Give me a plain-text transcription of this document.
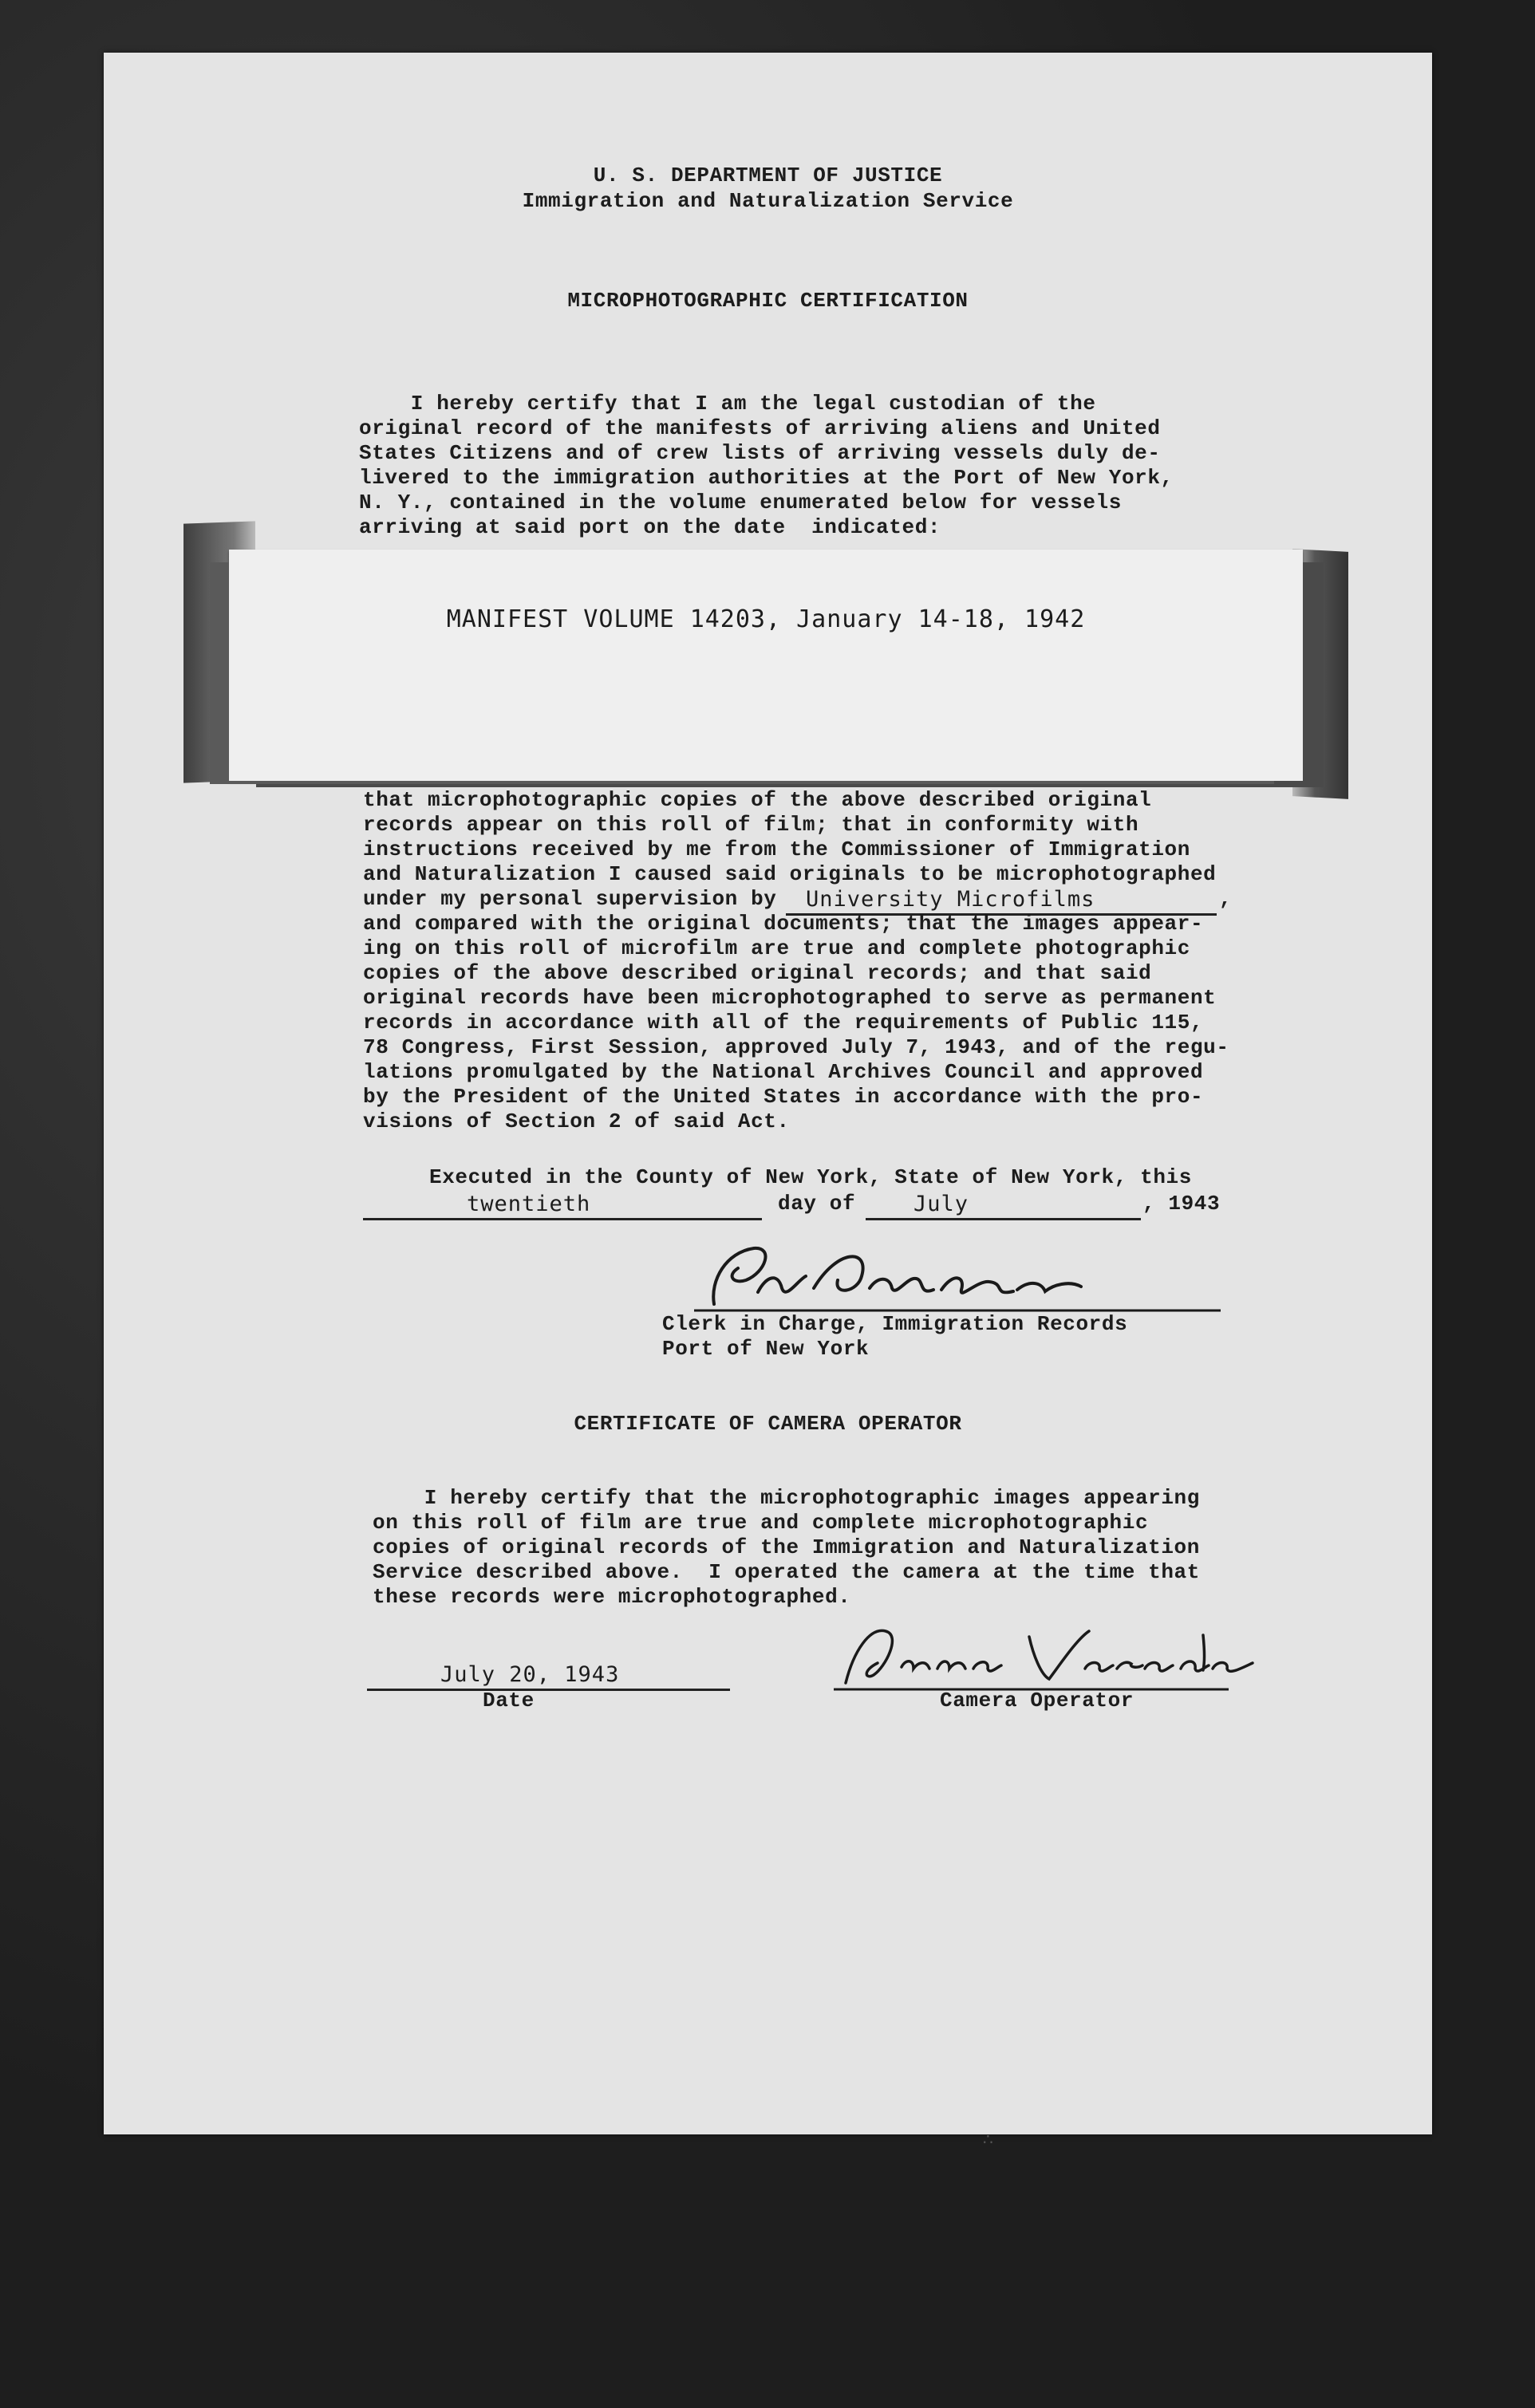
U. S. DEPARTMENT OF JUSTICE
Immigration and Naturalization Service
MICROPHOTOGRAPHIC CERTIFICATION
I hereby certify that I am the legal custodian of the
original record of the manifests of arriving aliens and United
States Citizens and of crew lists of arriving vessels duly de-
livered to the immigration authorities at the Port of New York,
N. Y., contained in the volume enumerated below for vessels
arriving at said port on the date  indicated:
MANIFEST VOLUME 14203, January 14-18, 1942
that microphotographic copies of the above described original
records appear on this roll of film; that in conformity with
instructions received by me from the Commissioner of Immigration
and Naturalization I caused said originals to be microphotographed
under my personal supervision by University Microfilms	,
and compared with the original documents; that the images appear-
ing on this roll of microfilm are true and complete photographic
copies of the above described original records; and that said
original records have been microphotographed to serve as permanent
records in accordance with all of the requirements of Public 115,
78 Congress, First Session, approved July 7, 1943, and of the regu-
lations promulgated by the National Archives Council and approved
by the President of the United States in accordance with the pro-
visions of Section 2 of said Act.
Executed in the County of New York, State of New York, this
twentieth	day of	July	, 1943
Clerk in Charge, Immigration Records
Port of New York
CERTIFICATE OF CAMERA OPERATOR
I hereby certify that the microphotographic images appearing
on this roll of film are true and complete microphotographic
copies of original records of the Immigration and Naturalization
Service described above.  I operated the camera at the time that
these records were microphotographed.
July 20, 1943
Date	Camera Operator
∴
